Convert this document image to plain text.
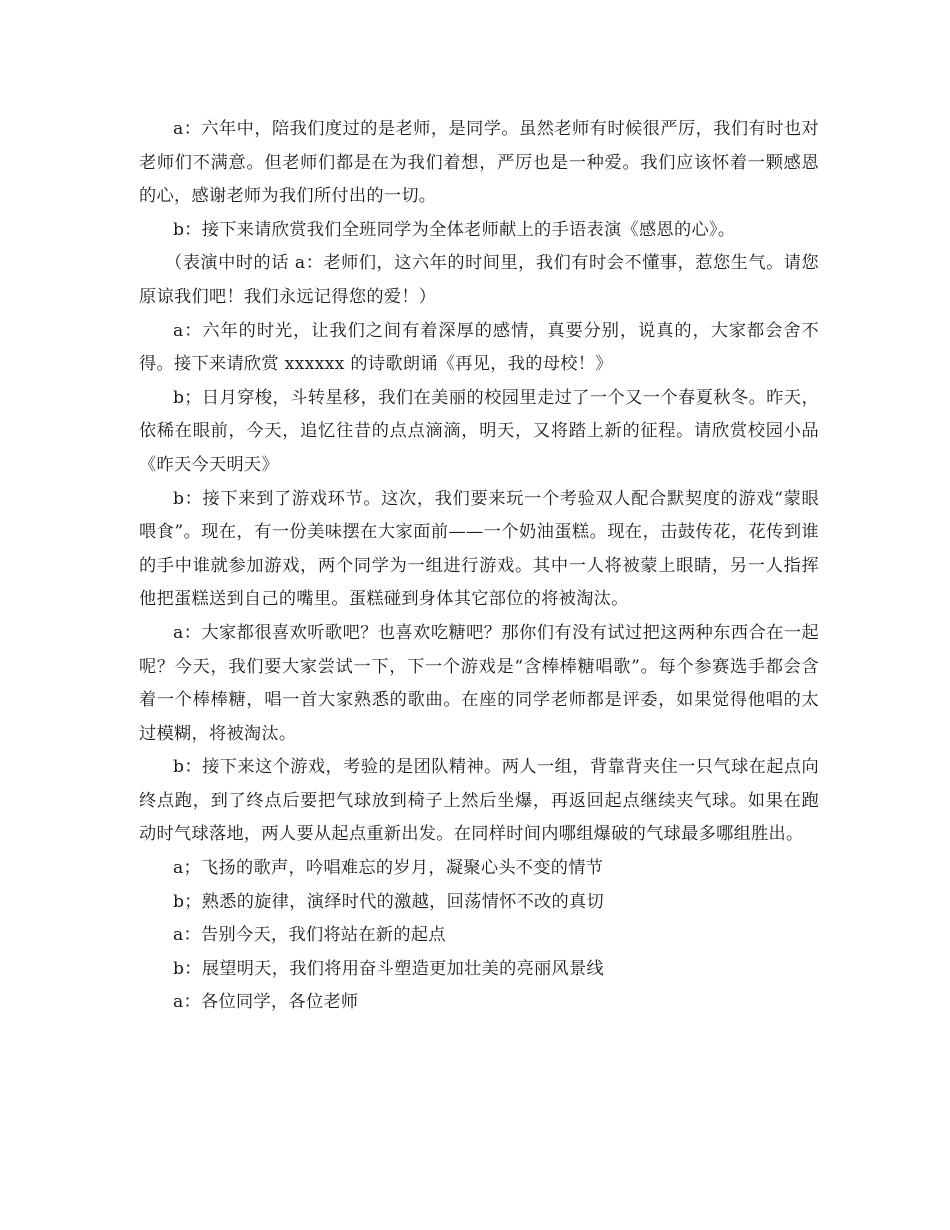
a：六年中，陪我们度过的是老师，是同学。虽然老师有时候很严厉，我们有时也对老师们不满意。但老师们都是在为我们着想，严厉也是一种爱。我们应该怀着一颗感恩的心，感谢老师为我们所付出的一切。

b：接下来请欣赏我们全班同学为全体老师献上的手语表演《感恩的心》。

（表演中时的话 a：老师们，这六年的时间里，我们有时会不懂事，惹您生气。请您原谅我们吧！我们永远记得您的爱！）

a：六年的时光，让我们之间有着深厚的感情，真要分别，说真的，大家都会舍不得。接下来请欣赏 xxxxxx 的诗歌朗诵《再见，我的母校！》

b；日月穿梭，斗转星移，我们在美丽的校园里走过了一个又一个春夏秋冬。昨天，依稀在眼前，今天，追忆往昔的点点滴滴，明天，又将踏上新的征程。请欣赏校园小品《昨天今天明天》

b：接下来到了游戏环节。这次，我们要来玩一个考验双人配合默契度的游戏“蒙眼喂食”。现在，有一份美味摆在大家面前——一个奶油蛋糕。现在，击鼓传花，花传到谁的手中谁就参加游戏，两个同学为一组进行游戏。其中一人将被蒙上眼睛，另一人指挥他把蛋糕送到自己的嘴里。蛋糕碰到身体其它部位的将被淘汰。

a：大家都很喜欢听歌吧？也喜欢吃糖吧？那你们有没有试过把这两种东西合在一起呢？今天，我们要大家尝试一下，下一个游戏是“含棒棒糖唱歌”。每个参赛选手都会含着一个棒棒糖，唱一首大家熟悉的歌曲。在座的同学老师都是评委，如果觉得他唱的太过模糊，将被淘汰。

b：接下来这个游戏，考验的是团队精神。两人一组，背靠背夹住一只气球在起点向终点跑，到了终点后要把气球放到椅子上然后坐爆，再返回起点继续夹气球。如果在跑动时气球落地，两人要从起点重新出发。在同样时间内哪组爆破的气球最多哪组胜出。

a；飞扬的歌声，吟唱难忘的岁月，凝聚心头不变的情节

b；熟悉的旋律，演绎时代的激越，回荡情怀不改的真切

a：告别今天，我们将站在新的起点

b：展望明天，我们将用奋斗塑造更加壮美的亮丽风景线

a：各位同学，各位老师
